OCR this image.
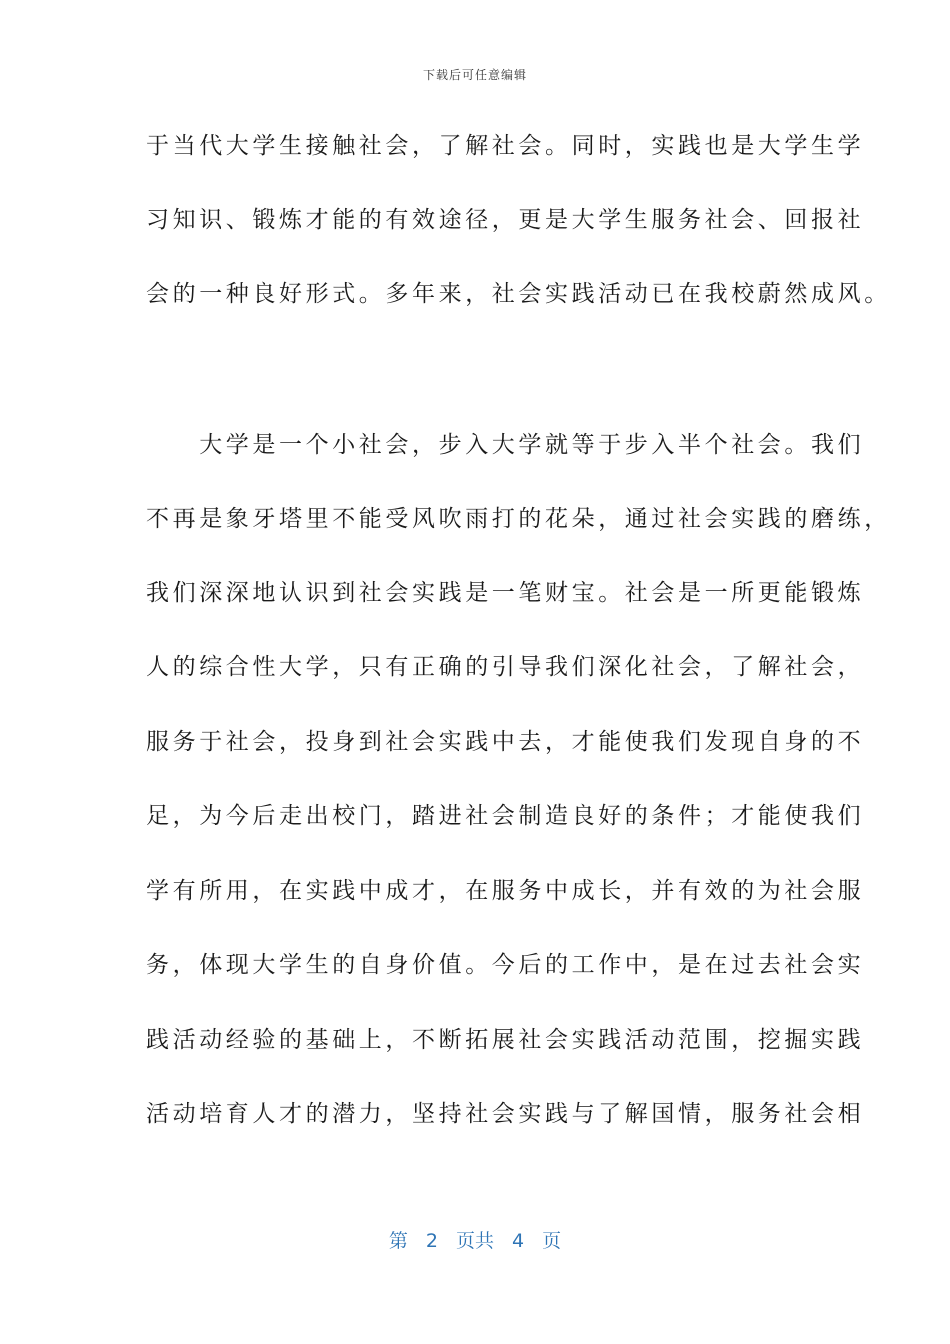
下载后可任意编辑
于当代大学生接触社会，了解社会。同时，实践也是大学生学
习知识、锻炼才能的有效途径，更是大学生服务社会、回报社
会的一种良好形式。多年来，社会实践活动已在我校蔚然成风。
　　大学是一个小社会，步入大学就等于步入半个社会。我们
不再是象牙塔里不能受风吹雨打的花朵，通过社会实践的磨练，
我们深深地认识到社会实践是一笔财宝。社会是一所更能锻炼
人的综合性大学，只有正确的引导我们深化社会，了解社会，
服务于社会，投身到社会实践中去，才能使我们发现自身的不
足，为今后走出校门，踏进社会制造良好的条件；才能使我们
学有所用，在实践中成才，在服务中成长，并有效的为社会服
务，体现大学生的自身价值。今后的工作中，是在过去社会实
践活动经验的基础上，不断拓展社会实践活动范围，挖掘实践
活动培育人才的潜力，坚持社会实践与了解国情，服务社会相
第 2 页共 4 页
